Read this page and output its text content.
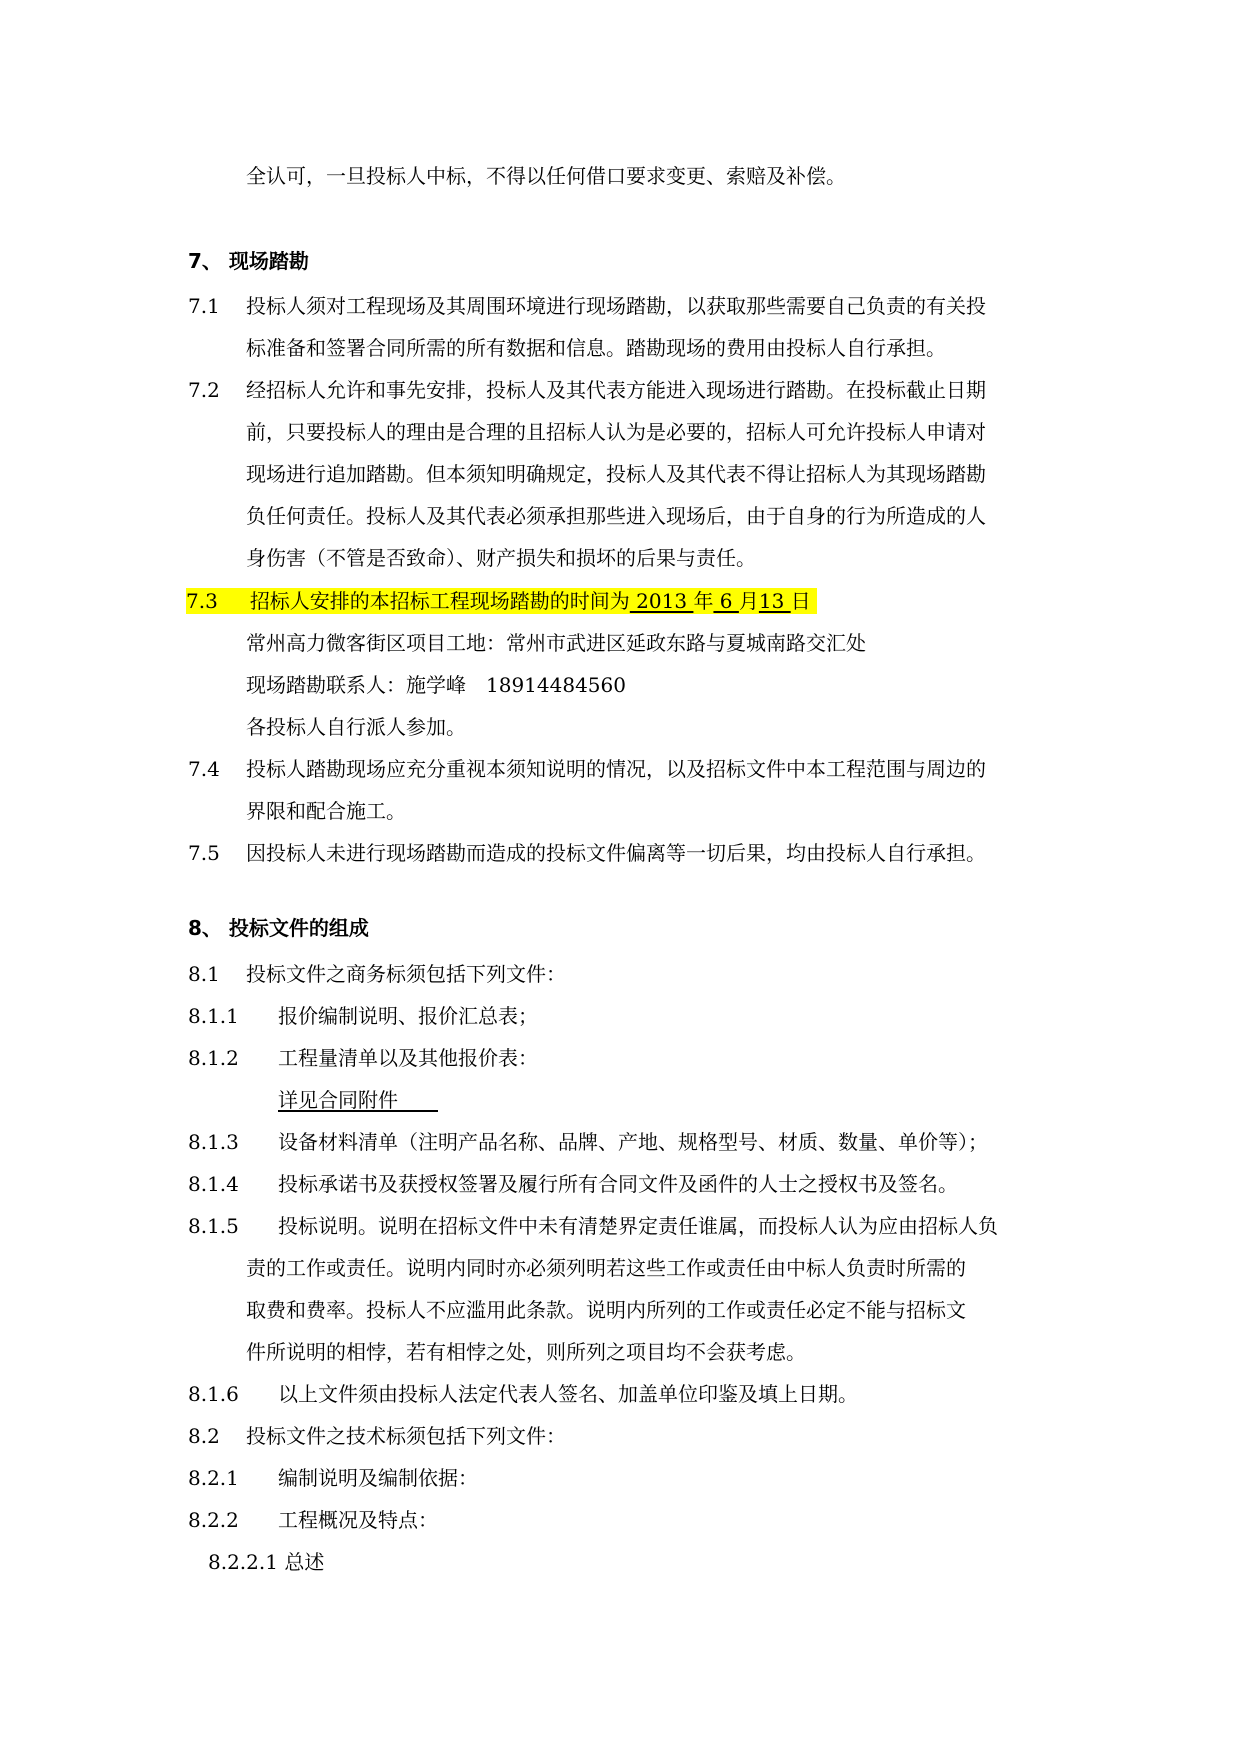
全认可，一旦投标人中标，不得以任何借口要求变更、索赔及补偿。
7、 现场踏勘
7.1 投标人须对工程现场及其周围环境进行现场踏勘，以获取那些需要自己负责的有关投
标准备和签署合同所需的所有数据和信息。踏勘现场的费用由投标人自行承担。
7.2 经招标人允许和事先安排，投标人及其代表方能进入现场进行踏勘。在投标截止日期
前，只要投标人的理由是合理的且招标人认为是必要的，招标人可允许投标人申请对
现场进行追加踏勘。但本须知明确规定，投标人及其代表不得让招标人为其现场踏勘
负任何责任。投标人及其代表必须承担那些进入现场后，由于自身的行为所造成的人
身伤害（不管是否致命）、财产损失和损坏的后果与责任。
7.3 招标人安排的本招标工程现场踏勘的时间为 2013 年 6 月13 日
常州高力微客街区项目工地：常州市武进区延政东路与夏城南路交汇处
现场踏勘联系人：施学峰　18914484560
各投标人自行派人参加。
7.4 投标人踏勘现场应充分重视本须知说明的情况，以及招标文件中本工程范围与周边的
界限和配合施工。
7.5 因投标人未进行现场踏勘而造成的投标文件偏离等一切后果，均由投标人自行承担。
8、 投标文件的组成
8.1 投标文件之商务标须包括下列文件：
8.1.1 报价编制说明、报价汇总表；
8.1.2 工程量清单以及其他报价表：
详见合同附件　　
8.1.3 设备材料清单（注明产品名称、品牌、产地、规格型号、材质、数量、单价等）；
8.1.4 投标承诺书及获授权签署及履行所有合同文件及函件的人士之授权书及签名。
8.1.5 投标说明。说明在招标文件中未有清楚界定责任谁属，而投标人认为应由招标人负
责的工作或责任。说明内同时亦必须列明若这些工作或责任由中标人负责时所需的
取费和费率。投标人不应滥用此条款。说明内所列的工作或责任必定不能与招标文
件所说明的相悖，若有相悖之处，则所列之项目均不会获考虑。
8.1.6 以上文件须由投标人法定代表人签名、加盖单位印鉴及填上日期。
8.2 投标文件之技术标须包括下列文件：
8.2.1 编制说明及编制依据：
8.2.2 工程概况及特点：
8.2.2.1 总述
